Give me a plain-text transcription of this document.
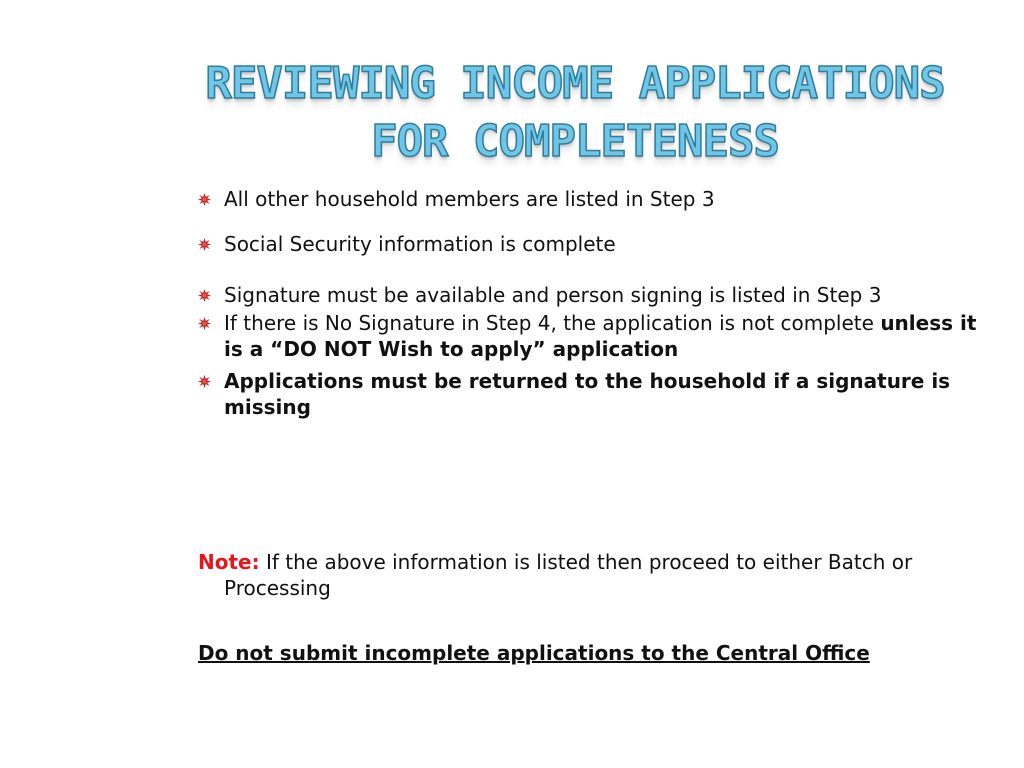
REVIEWING INCOME APPLICATIONS
FOR COMPLETENESS
All other household members are listed in Step 3
Social Security information is complete
Signature must be available and person signing is listed in Step 3
If there is No Signature in Step 4, the application is not complete unless it is a “DO NOT Wish to apply” application
Applications must be returned to the household if a signature is missing

Note: If the above information is listed then proceed to either Batch or Processing

Do not submit incomplete applications to the Central Office
